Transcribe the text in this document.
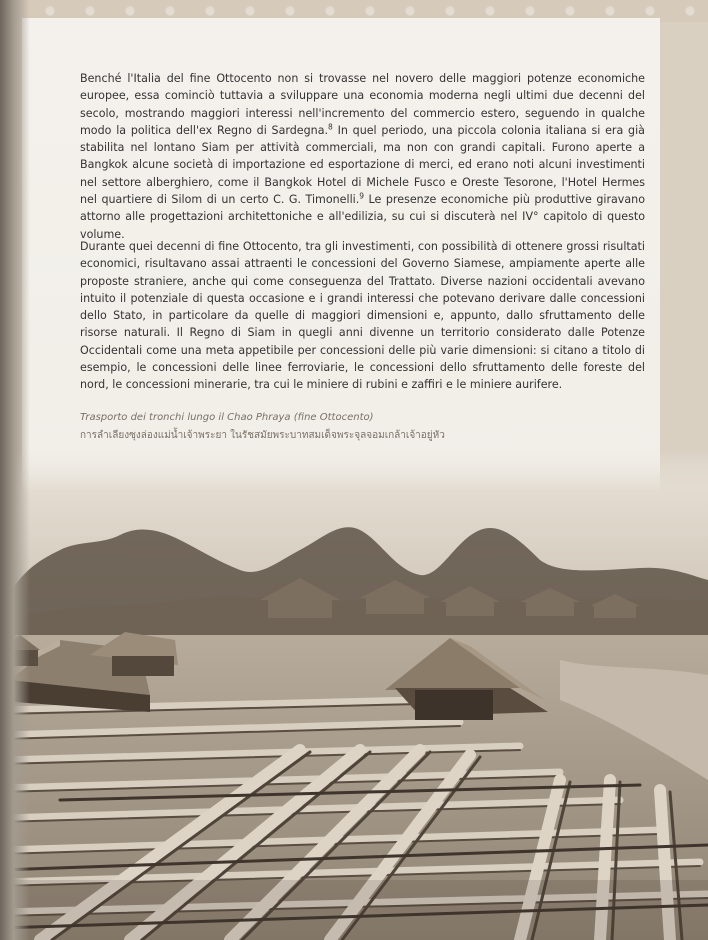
Benché l'Italia del fine Ottocento non si trovasse nel novero delle maggiori potenze economiche europee, essa cominciò tuttavia a sviluppare una economia moderna negli ultimi due decenni del secolo, mostrando maggiori interessi nell'incremento del commercio estero, seguendo in qualche modo la politica dell'ex Regno di Sardegna.$^8$ In quel periodo, una piccola colonia italiana si era già stabilita nel lontano Siam per attività commerciali, ma non con grandi capitali. Furono aperte a Bangkok alcune società di importazione ed esportazione di merci, ed erano noti alcuni investimenti nel settore alberghiero, come il Bangkok Hotel di Michele Fusco e Oreste Tesorone, l'Hotel Hermes nel quartiere di Silom di un certo C. G. Timonelli.$^9$ Le presenze economiche più produttive giravano attorno alle progettazioni architettoniche e all'edilizia, su cui si discuterà nel IV° capitolo di questo volume.

Durante quei decenni di fine Ottocento, tra gli investimenti, con possibilità di ottenere grossi risultati economici, risultavano assai attraenti le concessioni del Governo Siamese, ampiamente aperte alle proposte straniere, anche qui come conseguenza del Trattato. Diverse nazioni occidentali avevano intuito il potenziale di questa occasione e i grandi interessi che potevano derivare dalle concessioni dello Stato, in particolare da quelle di maggiori dimensioni e, appunto, dallo sfruttamento delle risorse naturali. Il Regno di Siam in quegli anni divenne un territorio considerato dalle Potenze Occidentali come una meta appetibile per concessioni delle più varie dimensioni: si citano a titolo di esempio, le concessioni delle linee ferroviarie, le concessioni dello sfruttamento delle foreste del nord, le concessioni minerarie, tra cui le miniere di rubini e zaffiri e le miniere aurifere.

Trasporto dei tronchi lungo il Chao Phraya (fine Ottocento)
การลำเลียงซุงล่องแม่น้ำเจ้าพระยา ในรัชสมัยพระบาทสมเด็จพระจุลจอมเกล้าเจ้าอยู่หัว
